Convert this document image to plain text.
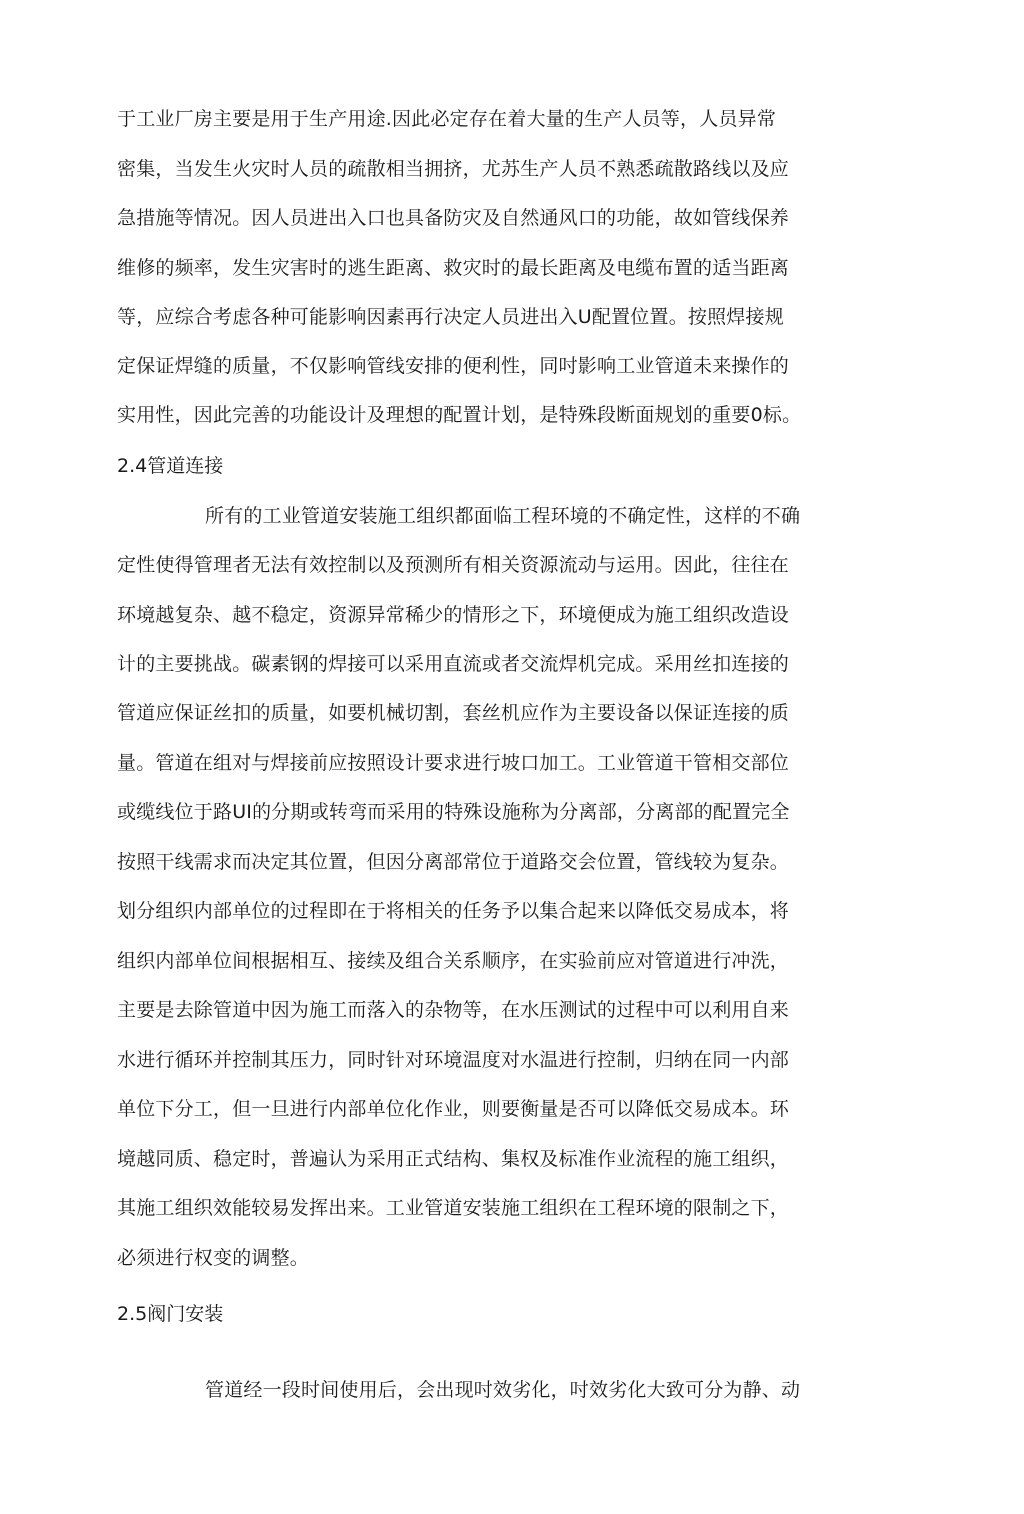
于工业厂房主要是用于生产用途.因此必定存在着大量的生产人员等，人员异常
密集，当发生火灾时人员的疏散相当拥挤，尤苏生产人员不熟悉疏散路线以及应
急措施等情况。因人员进出入口也具备防灾及自然通风口的功能，故如管线保养
维修的频率，发生灾害时的逃生距离、救灾时的最长距离及电缆布置的适当距离
等，应综合考虑各种可能影响因素再行决定人员进出入U配置位置。按照焊接规
定保证焊缝的质量，不仅影响管线安排的便利性，同吋影响工业管道未来操作的
实用性，因此完善的功能设计及理想的配置计划，是特殊段断面规划的重要0标。
2.4管道连接
所有的工业管道安装施工组织都面临工程环境的不确定性，这样的不确
定性使得管理者无法有效控制以及预测所有相关资源流动与运用。因此，往往在
环境越复杂、越不稳定，资源异常稀少的情形之下，环境便成为施工组织改造设
计的主要挑战。碳素钢的焊接可以采用直流或者交流焊机完成。采用丝扣连接的
管道应保证丝扣的质量，如要机械切割，套丝机应作为主要设备以保证连接的质
量。管道在组对与焊接前应按照设计要求进行坡口加工。工业管道干管相交部位
或缆线位于路UI的分期或转弯而采用的特殊设施称为分离部，分离部的配置完全
按照干线需求而决定其位置，但因分离部常位于道路交会位置，管线较为复杂。
划分组织内部单位的过程即在于将相关的任务予以集合起来以降低交易成本，将
组织内部单位间根据相互、接续及组合关系顺序，在实验前应对管道进行冲洗，
主要是去除管道中因为施工而落入的杂物等，在水压测试的过程中可以利用自来
水进行循环并控制其压力，同时针对环境温度对水温进行控制，归纳在同一内部
单位下分工，但一旦进行内部单位化作业，则要衡量是否可以降低交易成本。环
境越同质、稳定时，普遍认为采用正式结构、集权及标准作业流程的施工组织，
其施工组织效能较易发挥出来。工业管道安装施工组织在工程环境的限制之下，
必须进行权变的调整。
2.5阀门安装
管道经一段时间使用后，会出现吋效劣化，吋效劣化大致可分为静、动
